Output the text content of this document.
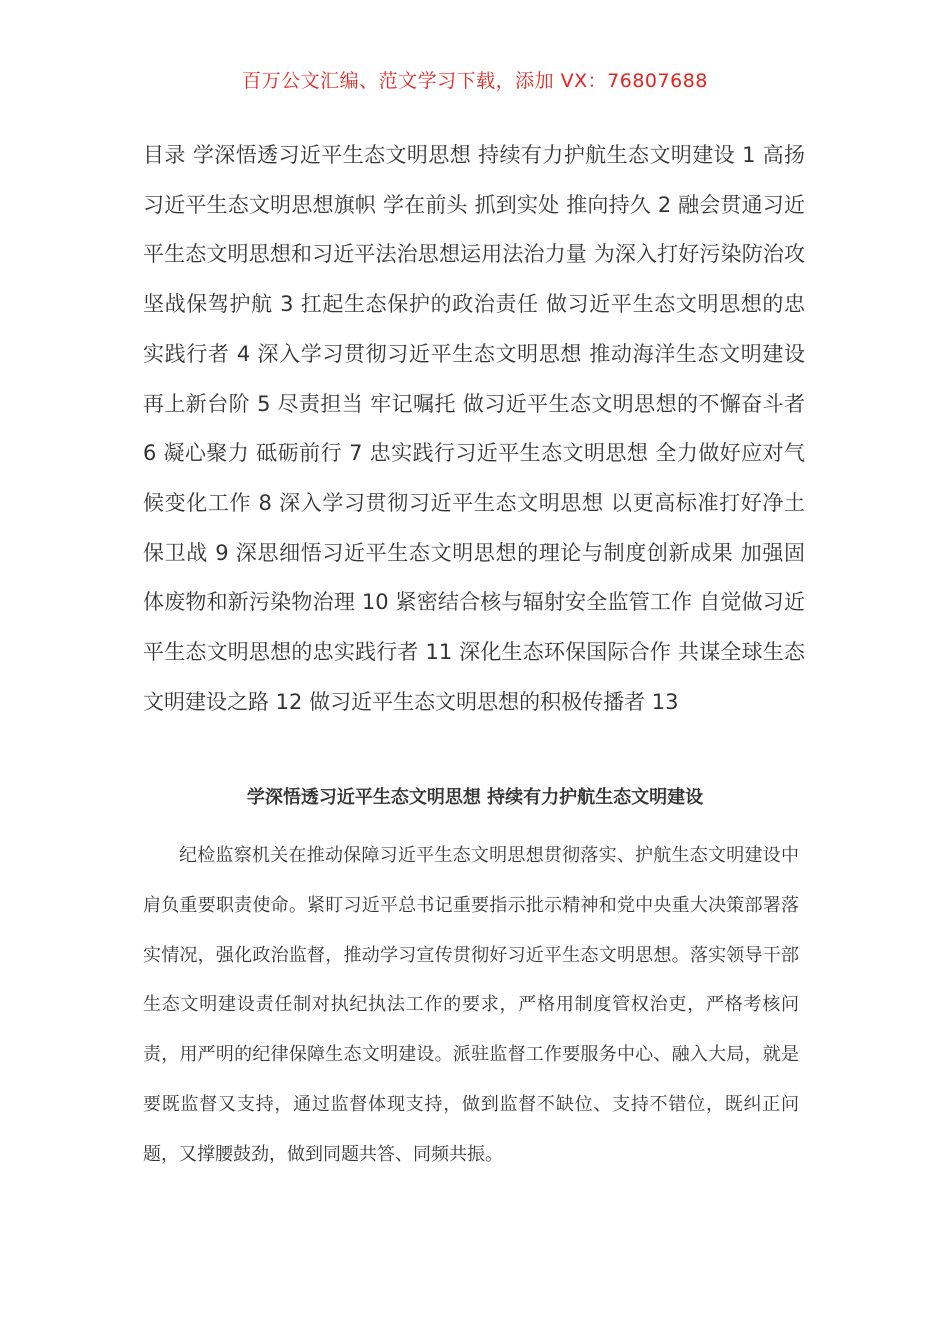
百万公文汇编、范文学习下载，添加 VX：76807688
目录 学深悟透习近平生态文明思想 持续有力护航生态文明建设 1 高扬习近平生态文明思想旗帜 学在前头 抓到实处 推向持久 2 融会贯通习近平生态文明思想和习近平法治思想运用法治力量 为深入打好污染防治攻坚战保驾护航 3 扛起生态保护的政治责任 做习近平生态文明思想的忠实践行者 4 深入学习贯彻习近平生态文明思想 推动海洋生态文明建设再上新台阶 5 尽责担当 牢记嘱托 做习近平生态文明思想的不懈奋斗者 6 凝心聚力 砥砺前行 7 忠实践行习近平生态文明思想 全力做好应对气候变化工作 8 深入学习贯彻习近平生态文明思想 以更高标准打好净土保卫战 9 深思细悟习近平生态文明思想的理论与制度创新成果 加强固体废物和新污染物治理 10 紧密结合核与辐射安全监管工作 自觉做习近平生态文明思想的忠实践行者 11 深化生态环保国际合作 共谋全球生态文明建设之路 12 做习近平生态文明思想的积极传播者 13
学深悟透习近平生态文明思想 持续有力护航生态文明建设

纪检监察机关在推动保障习近平生态文明思想贯彻落实、护航生态文明建设中肩负重要职责使命。紧盯习近平总书记重要指示批示精神和党中央重大决策部署落实情况，强化政治监督，推动学习宣传贯彻好习近平生态文明思想。落实领导干部生态文明建设责任制对执纪执法工作的要求，严格用制度管权治吏，严格考核问责，用严明的纪律保障生态文明建设。派驻监督工作要服务中心、融入大局，就是要既监督又支持，通过监督体现支持，做到监督不缺位、支持不错位，既纠正问题，又撑腰鼓劲，做到同题共答、同频共振。
